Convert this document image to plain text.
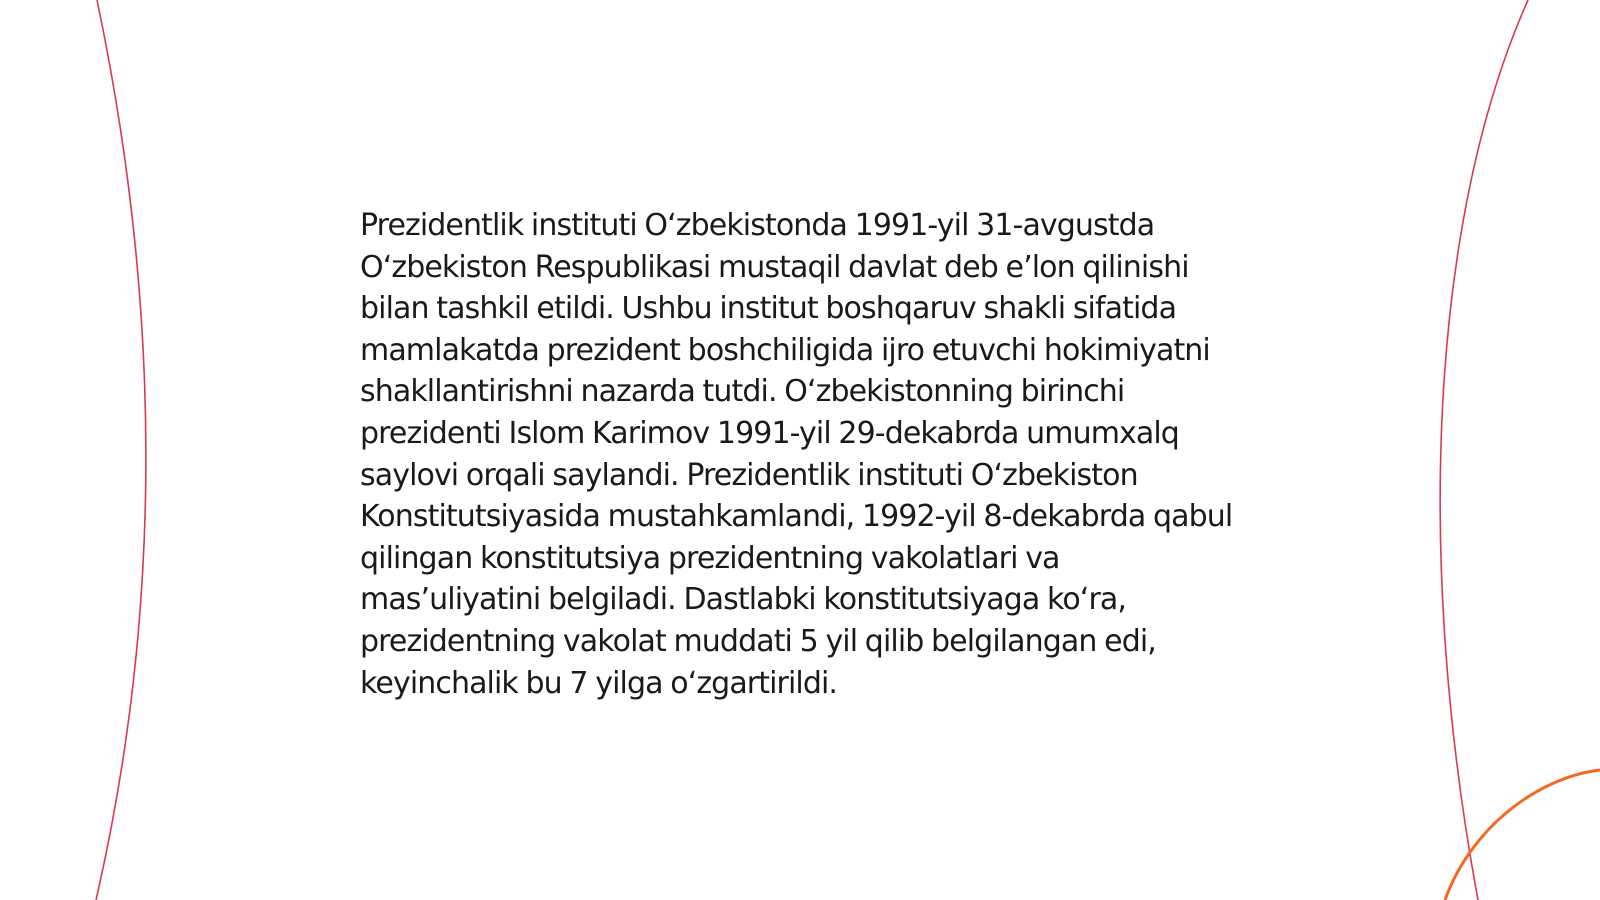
Prezidentlik instituti O‘zbekistonda 1991-yil 31-avgustda O‘zbekiston Respublikasi mustaqil davlat deb e’lon qilinishi bilan tashkil etildi. Ushbu institut boshqaruv shakli sifatida mamlakatda prezident boshchiligida ijro etuvchi hokimiyatni shakllantirishni nazarda tutdi. O‘zbekistonning birinchi prezidenti Islom Karimov 1991-yil 29-dekabrda umumxalq saylovi orqali saylandi. Prezidentlik instituti O‘zbekiston Konstitutsiyasida mustahkamlandi, 1992-yil 8-dekabrda qabul qilingan konstitutsiya prezidentning vakolatlari va mas’uliyatini belgiladi. Dastlabki konstitutsiyaga ko‘ra, prezidentning vakolat muddati 5 yil qilib belgilangan edi, keyinchalik bu 7 yilga o‘zgartirildi.
